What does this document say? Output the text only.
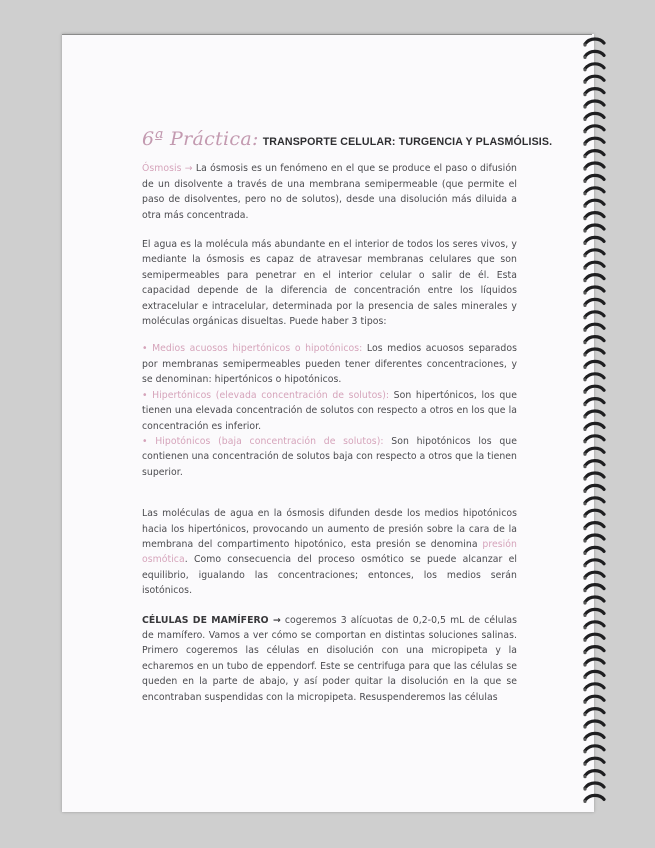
6ª Práctica: TRANSPORTE CELULAR: TURGENCIA Y PLASMÓLISIS.

Ósmosis → La ósmosis es un fenómeno en el que se produce el paso o difusión de un disolvente a través de una membrana semipermeable (que permite el paso de disolventes, pero no de solutos), desde una disolución más diluida a otra más concentrada.

El agua es la molécula más abundante en el interior de todos los seres vivos, y mediante la ósmosis es capaz de atravesar membranas celulares que son semipermeables para penetrar en el interior celular o salir de él. Esta capacidad depende de la diferencia de concentración entre los líquidos extracelular e intracelular, determinada por la presencia de sales minerales y moléculas orgánicas disueltas. Puede haber 3 tipos:

• Medios acuosos hipertónicos o hipotónicos: Los medios acuosos separados por membranas semipermeables pueden tener diferentes concentraciones, y se denominan: hipertónicos o hipotónicos.

• Hipertónicos (elevada concentración de solutos): Son hipertónicos, los que tienen una elevada concentración de solutos con respecto a otros en los que la concentración es inferior.

• Hipotónicos (baja concentración de solutos): Son hipotónicos los que contienen una concentración de solutos baja con respecto a otros que la tienen superior.

Las moléculas de agua en la ósmosis difunden desde los medios hipotónicos hacia los hipertónicos, provocando un aumento de presión sobre la cara de la membrana del compartimento hipotónico, esta presión se denomina presión osmótica. Como consecuencia del proceso osmótico se puede alcanzar el equilibrio, igualando las concentraciones; entonces, los medios serán isotónicos.

CÉLULAS DE MAMÍFERO → cogeremos 3 alícuotas de 0,2-0,5 mL de células de mamífero. Vamos a ver cómo se comportan en distintas soluciones salinas. Primero cogeremos las células en disolución con una micropipeta y la echaremos en un tubo de eppendorf. Este se centrifuga para que las células se queden en la parte de abajo, y así poder quitar la disolución en la que se encontraban suspendidas con la micropipeta. Resuspenderemos las células
